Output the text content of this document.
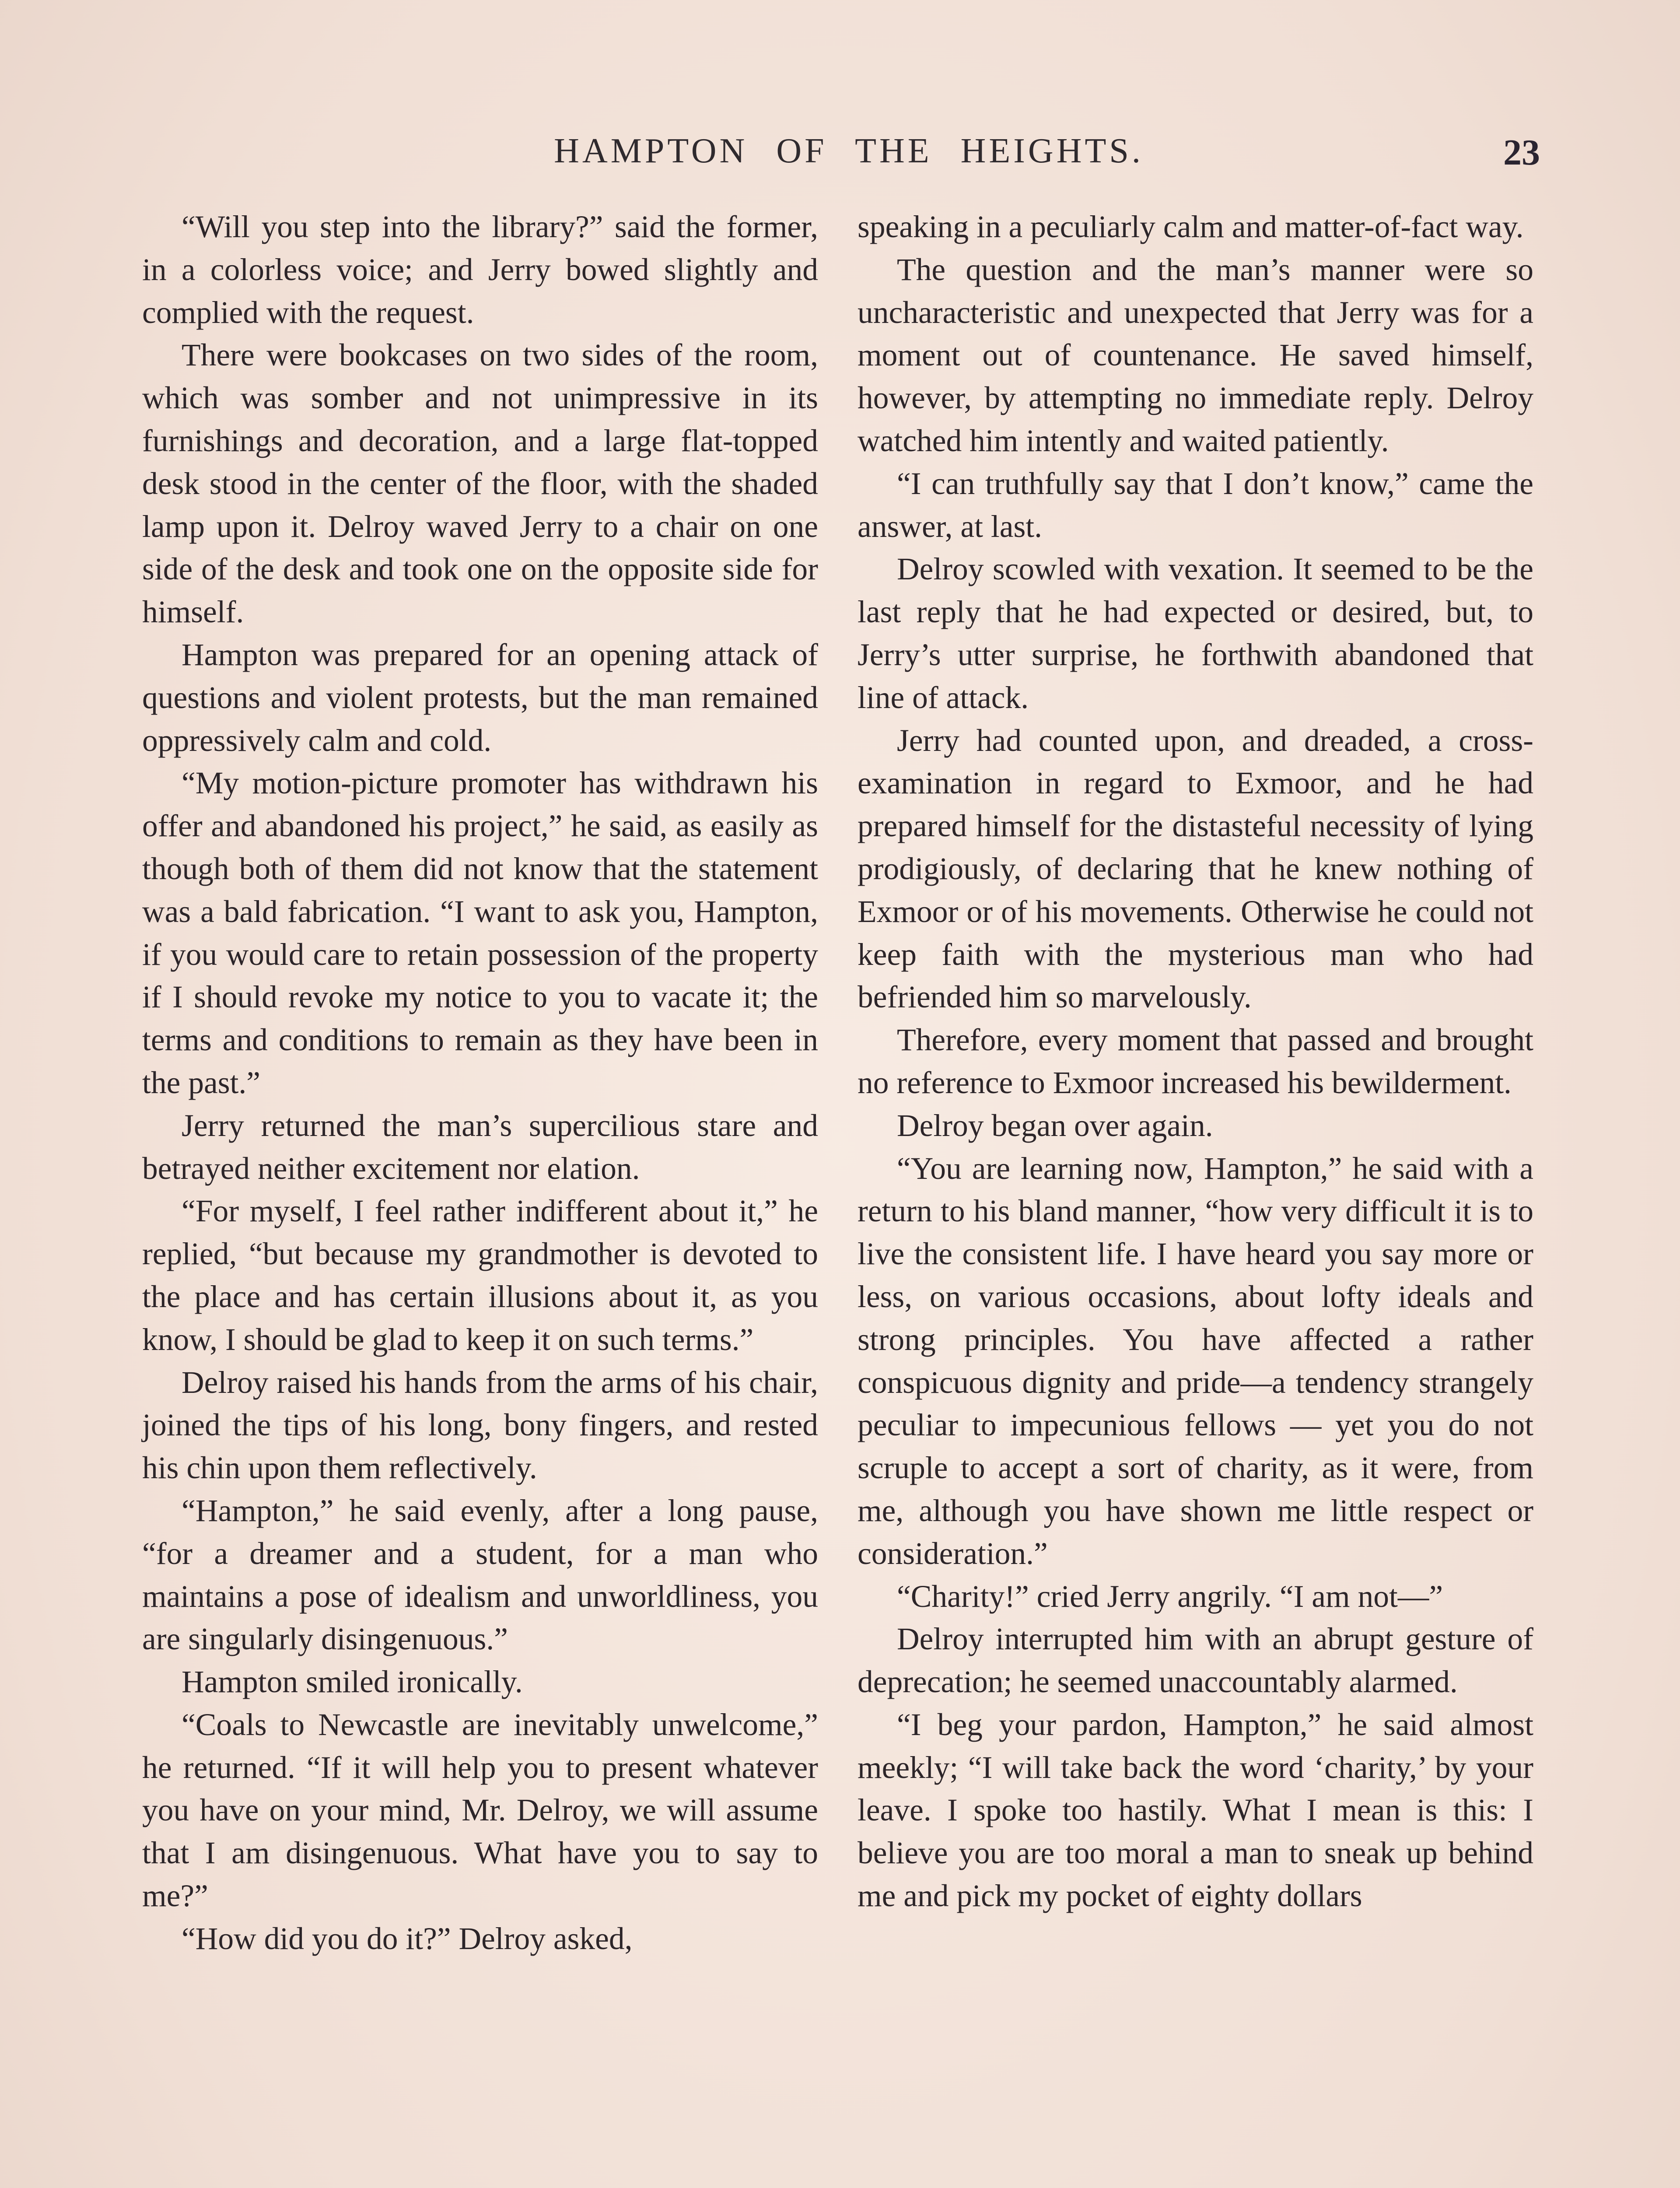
HAMPTON OF THE HEIGHTS.	23

“Will you step into the library?” said the former, in a colorless voice; and Jerry bowed slightly and complied with the request.

There were bookcases on two sides of the room, which was somber and not unimpressive in its furnishings and decoration, and a large flat-topped desk stood in the center of the floor, with the shaded lamp upon it. Delroy waved Jerry to a chair on one side of the desk and took one on the opposite side for himself.

Hampton was prepared for an opening attack of questions and violent protests, but the man remained oppressively calm and cold.

“My motion-picture promoter has withdrawn his offer and abandoned his project,” he said, as easily as though both of them did not know that the statement was a bald fabrication. “I want to ask you, Hampton, if you would care to retain possession of the property if I should revoke my notice to you to vacate it; the terms and conditions to remain as they have been in the past.”

Jerry returned the man’s supercilious stare and betrayed neither excitement nor elation.

“For myself, I feel rather indifferent about it,” he replied, “but because my grandmother is devoted to the place and has certain illusions about it, as you know, I should be glad to keep it on such terms.”

Delroy raised his hands from the arms of his chair, joined the tips of his long, bony fingers, and rested his chin upon them reflectively.

“Hampton,” he said evenly, after a long pause, “for a dreamer and a student, for a man who maintains a pose of idealism and unworldliness, you are singularly disingenuous.”

Hampton smiled ironically.

“Coals to Newcastle are inevitably unwelcome,” he returned. “If it will help you to present whatever you have on your mind, Mr. Delroy, we will assume that I am disingenuous. What have you to say to me?”

“How did you do it?” Delroy asked,

speaking in a peculiarly calm and matter-of-fact way.

The question and the man’s manner were so uncharacteristic and unexpected that Jerry was for a moment out of countenance. He saved himself, however, by attempting no immediate reply. Delroy watched him intently and waited patiently.

“I can truthfully say that I don’t know,” came the answer, at last.

Delroy scowled with vexation. It seemed to be the last reply that he had expected or desired, but, to Jerry’s utter surprise, he forthwith abandoned that line of attack.

Jerry had counted upon, and dreaded, a cross-examination in regard to Exmoor, and he had prepared himself for the distasteful necessity of lying prodigiously, of declaring that he knew nothing of Exmoor or of his movements. Otherwise he could not keep faith with the mysterious man who had befriended him so marvelously.

Therefore, every moment that passed and brought no reference to Exmoor increased his bewilderment.

Delroy began over again.

“You are learning now, Hampton,” he said with a return to his bland manner, “how very difficult it is to live the consistent life. I have heard you say more or less, on various occasions, about lofty ideals and strong principles. You have affected a rather conspicuous dignity and pride—a tendency strangely peculiar to impecunious fellows — yet you do not scruple to accept a sort of charity, as it were, from me, although you have shown me little respect or consideration.”

“Charity!” cried Jerry angrily. “I am not—”

Delroy interrupted him with an abrupt gesture of deprecation; he seemed unaccountably alarmed.

“I beg your pardon, Hampton,” he said almost meekly; “I will take back the word ‘charity,’ by your leave. I spoke too hastily. What I mean is this: I believe you are too moral a man to sneak up behind me and pick my pocket of eighty dollars
